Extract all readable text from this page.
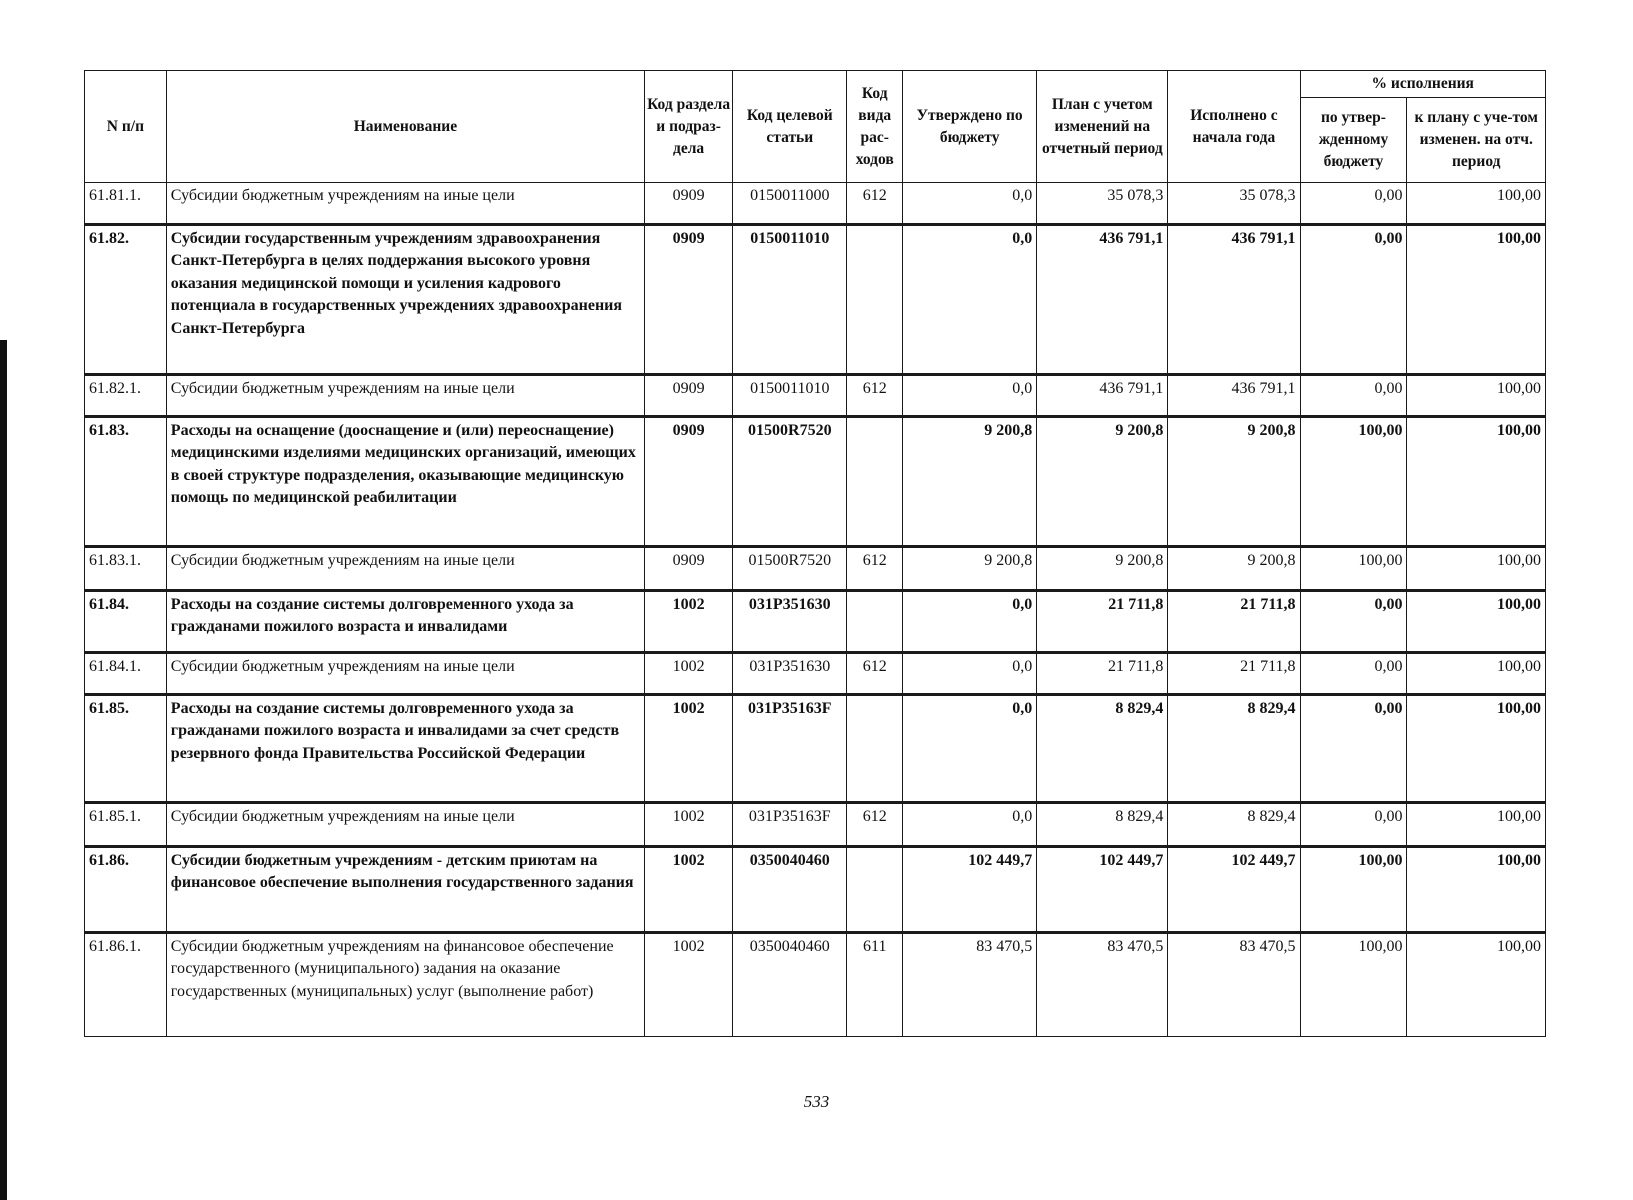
N п/п	Наименование	Код раздела и подраз-дела	Код целевой статьи	Код вида рас-ходов	Утверждено по бюджету	План с учетом изменений на отчетный период	Исполнено с начала года	% исполнения	
								по утвер-жденному бюджету	к плану с уче-том изменен. на отч. период
61.81.1.	Субсидии бюджетным учреждениям на иные цели	0909	0150011000	612	0,0	35 078,3	35 078,3	0,00	100,00
61.82.	Субсидии государственным учреждениям здравоохранения Санкт-Петербурга в целях поддержания высокого уровня оказания медицинской помощи и усиления кадрового потенциала в государственных учреждениях здравоохранения Санкт-Петербурга	0909	0150011010		0,0	436 791,1	436 791,1	0,00	100,00
61.82.1.	Субсидии бюджетным учреждениям на иные цели	0909	0150011010	612	0,0	436 791,1	436 791,1	0,00	100,00
61.83.	Расходы на оснащение (дооснащение и (или) переоснащение) медицинскими изделиями медицинских организаций, имеющих в своей структуре подразделения, оказывающие медицинскую помощь по медицинской реабилитации	0909	01500R7520		9 200,8	9 200,8	9 200,8	100,00	100,00
61.83.1.	Субсидии бюджетным учреждениям на иные цели	0909	01500R7520	612	9 200,8	9 200,8	9 200,8	100,00	100,00
61.84.	Расходы на создание системы долговременного ухода за гражданами пожилого возраста и инвалидами	1002	031P351630		0,0	21 711,8	21 711,8	0,00	100,00
61.84.1.	Субсидии бюджетным учреждениям на иные цели	1002	031P351630	612	0,0	21 711,8	21 711,8	0,00	100,00
61.85.	Расходы на создание системы долговременного ухода за гражданами пожилого возраста и инвалидами за счет средств резервного фонда Правительства Российской Федерации	1002	031P35163F		0,0	8 829,4	8 829,4	0,00	100,00
61.85.1.	Субсидии бюджетным учреждениям на иные цели	1002	031P35163F	612	0,0	8 829,4	8 829,4	0,00	100,00
61.86.	Субсидии бюджетным учреждениям - детским приютам на финансовое обеспечение выполнения государственного задания	1002	0350040460		102 449,7	102 449,7	102 449,7	100,00	100,00
61.86.1.	Субсидии бюджетным учреждениям на финансовое обеспечение государственного (муниципального) задания на оказание государственных (муниципальных) услуг (выполнение работ)	1002	0350040460	611	83 470,5	83 470,5	83 470,5	100,00	100,00
533
